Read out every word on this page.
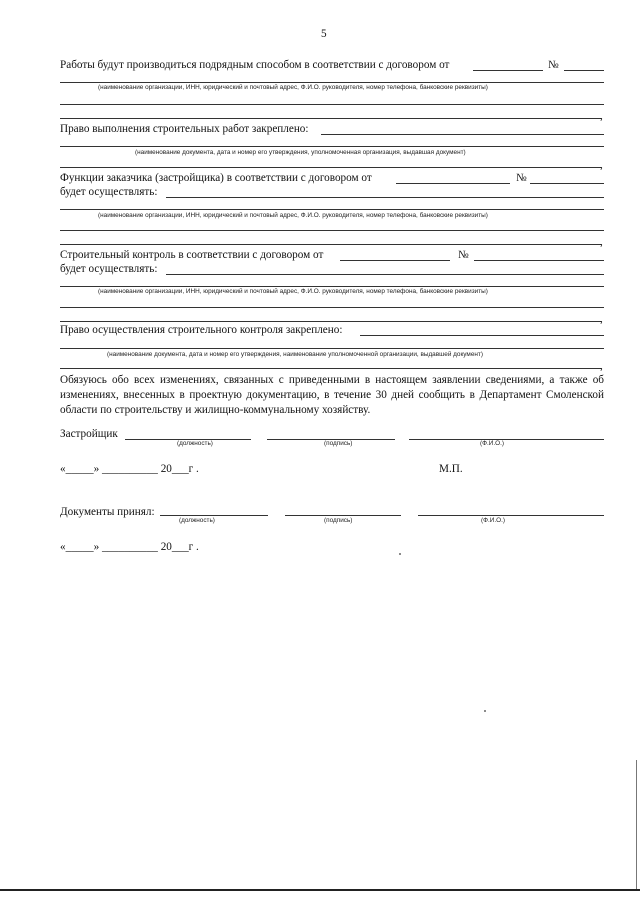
5
Работы будут производиться подрядным способом в соответствии с договором от	№
(наименование организации, ИНН, юридический и почтовый адрес, Ф.И.О. руководителя, номер телефона, банковские реквизиты)
,
Право выполнения строительных работ закреплено:
(наименование документа, дата и номер его утверждения, уполномоченная организация, выдавшая документ)
,
Функции заказчика (застройщика) в соответствии с договором от	№
будет осуществлять:
(наименование организации, ИНН, юридический и почтовый адрес, Ф.И.О. руководителя, номер телефона, банковские реквизиты)
,
Строительный контроль в соответствии с договором от	№
будет осуществлять:
(наименование организации, ИНН, юридический и почтовый адрес, Ф.И.О. руководителя, номер телефона, банковские реквизиты)
,
Право осуществления строительного контроля закреплено:
(наименование документа, дата и номер его утверждения, наименование уполномоченной организации, выдавшей документ)
,
Обязуюсь обо всех изменениях, связанных с приведенными в настоящем заявлении сведениями, а также об изменениях, внесенных в проектную документацию, в течение 30 дней сообщить в Департамент Смоленской области по строительству и жилищно-коммунальному хозяйству.
Застройщик
(должность)	(подпись)	(Ф.И.О.)
«_____» __________ 20___г .	М.П.
Документы принял:
(должность)	(подпись)	(Ф.И.О.)
«_____» __________ 20___г .
